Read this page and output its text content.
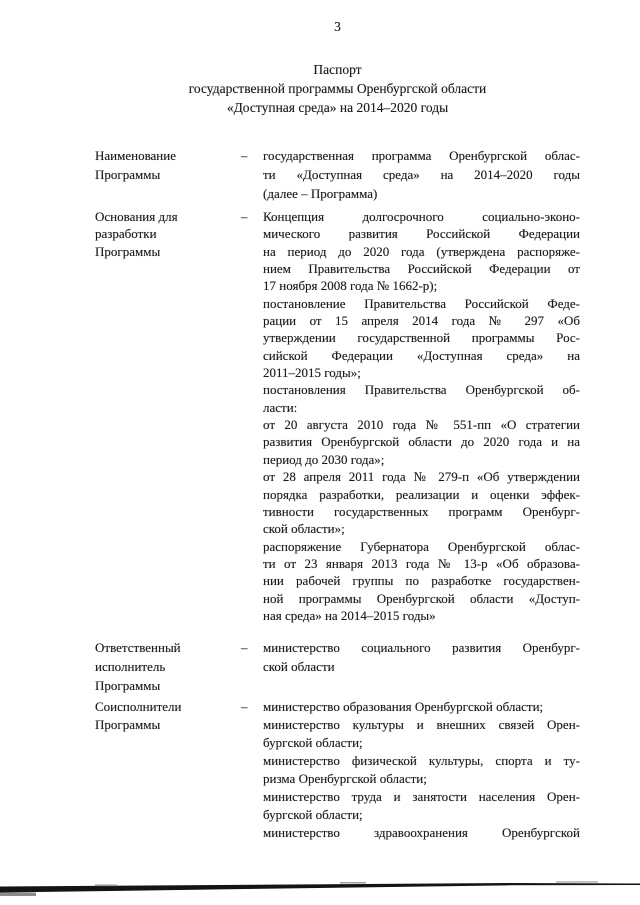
3
Паспорт
государственной программы Оренбургской области
«Доступная среда» на 2014–2020 годы
Наименование
Программы
–	государственная программа Оренбургской облас-
ти «Доступная среда» на 2014–2020 годы
(далее – Программа)
Основания для
разработки
Программы
–	Концепция долгосрочного социально-эконо-
мического развития Российской Федерации
на период до 2020 года (утверждена распоряже-
нием Правительства Российской Федерации от
17 ноября 2008 года № 1662-р);
постановление Правительства Российской Феде-
рации от 15 апреля 2014 года № 297 «Об
утверждении государственной программы Рос-
сийской Федерации «Доступная среда» на
2011–2015 годы»;
постановления Правительства Оренбургской об-
ласти:
от 20 августа 2010 года № 551-пп «О стратегии
развития Оренбургской области до 2020 года и на
период до 2030 года»;
от 28 апреля 2011 года № 279-п «Об утверждении
порядка разработки, реализации и оценки эффек-
тивности государственных программ Оренбург-
ской области»;
распоряжение Губернатора Оренбургской облас-
ти от 23 января 2013 года № 13-р «Об образова-
нии рабочей группы по разработке государствен-
ной программы Оренбургской области «Доступ-
ная среда» на 2014–2015 годы»
Ответственный
исполнитель
Программы
–	министерство социального развития Оренбург-
ской области
Соисполнители
Программы
–	министерство образования Оренбургской области;
министерство культуры и внешних связей Орен-
бургской области;
министерство физической культуры, спорта и ту-
ризма Оренбургской области;
министерство труда и занятости населения Орен-
бургской области;
министерство здравоохранения Оренбургской
